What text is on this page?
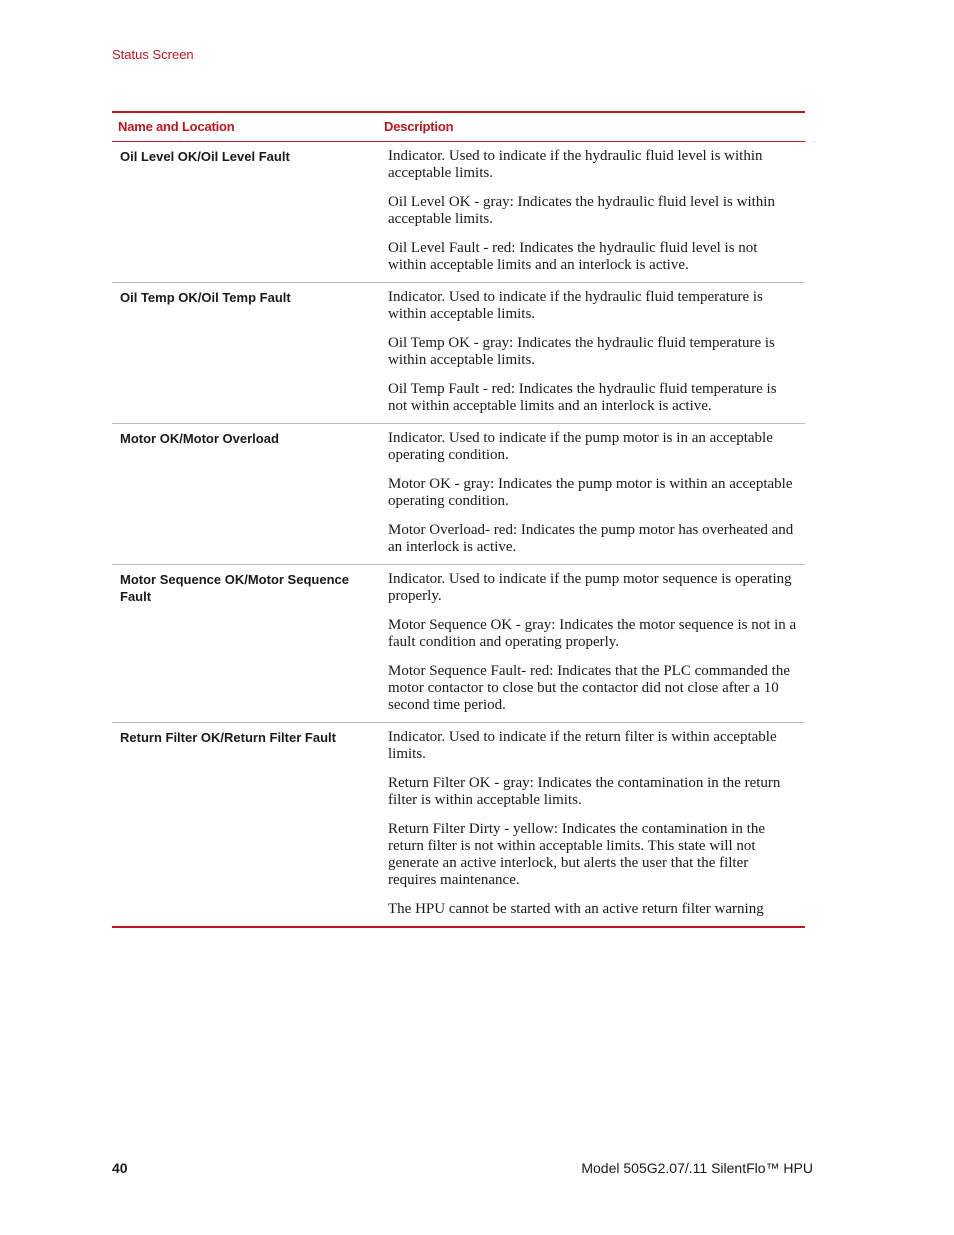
Status Screen
Name and Location	Description
Oil Level OK/Oil Level Fault	Indicator. Used to indicate if the hydraulic fluid level is within acceptable limits.

Oil Level OK - gray: Indicates the hydraulic fluid level is within acceptable limits.

Oil Level Fault - red: Indicates the hydraulic fluid level is not within acceptable limits and an interlock is active.

Oil Temp OK/Oil Temp Fault	Indicator. Used to indicate if the hydraulic fluid temperature is within acceptable limits.

Oil Temp OK - gray: Indicates the hydraulic fluid temperature is within acceptable limits.

Oil Temp Fault - red: Indicates the hydraulic fluid temperature is not within acceptable limits and an interlock is active.

Motor OK/Motor Overload	Indicator. Used to indicate if the pump motor is in an acceptable operating condition.

Motor OK - gray: Indicates the pump motor is within an acceptable operating condition.

Motor Overload- red: Indicates the pump motor has overheated and an interlock is active.

Motor Sequence OK/Motor Sequence Fault	Indicator. Used to indicate if the pump motor sequence is operating properly.

Motor Sequence OK - gray: Indicates the motor sequence is not in a fault condition and operating properly.

Motor Sequence Fault- red: Indicates that the PLC commanded the motor contactor to close but the contactor did not close after a 10 second time period.

Return Filter OK/Return Filter Fault	Indicator. Used to indicate if the return filter is within acceptable limits.

Return Filter OK - gray: Indicates the contamination in the return filter is within acceptable limits.

Return Filter Dirty - yellow: Indicates the contamination in the return filter is not within acceptable limits. This state will not generate an active interlock, but alerts the user that the filter requires maintenance.

The HPU cannot be started with an active return filter warning

40	Model 505G2.07/.11 SilentFlo™ HPU
